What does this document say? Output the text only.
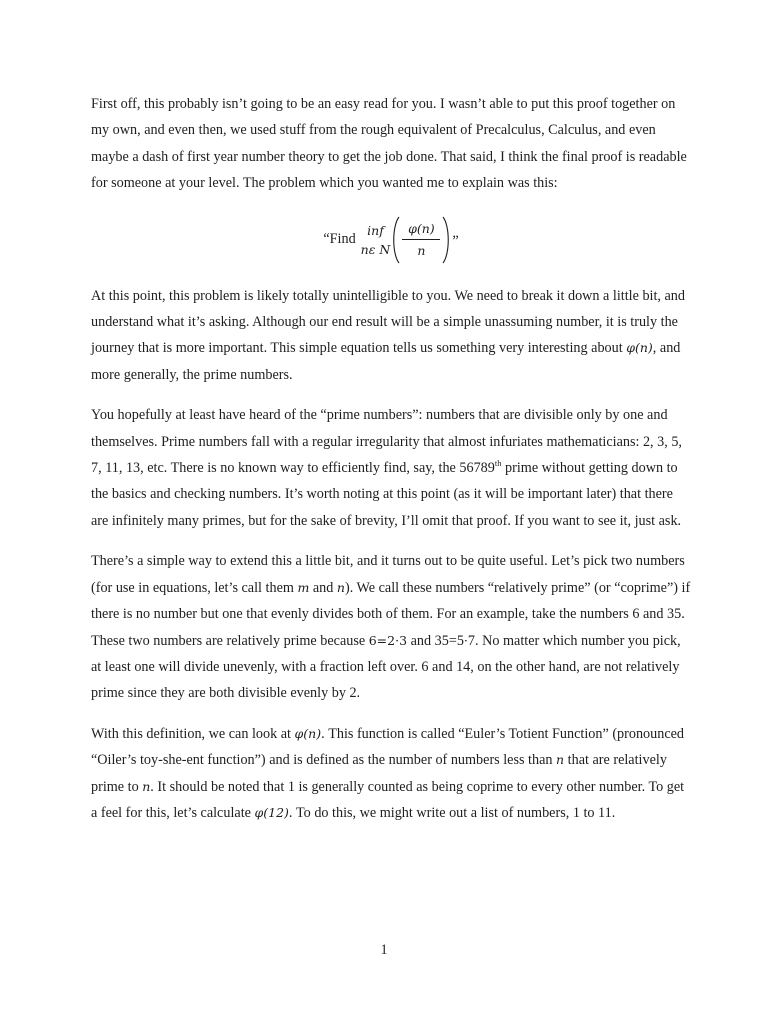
First off, this probably isn’t going to be an easy read for you. I wasn’t able to put this proof together on my own, and even then, we used stuff from the rough equivalent of Precalculus, Calculus, and even maybe a dash of first year number theory to get the job done. That said, I think the final proof is readable for someone at your level. The problem which you wanted me to explain was this:

“Find
inf
nε N $\frac{\varphi(n)}{n}$ ”

At this point, this problem is likely totally unintelligible to you. We need to break it down a little bit, and understand what it’s asking. Although our end result will be a simple unassuming number, it is truly the journey that is more important. This simple equation tells us something very interesting about φ(n), and more generally, the prime numbers.

You hopefully at least have heard of the “prime numbers”: numbers that are divisible only by one and themselves. Prime numbers fall with a regular irregularity that almost infuriates mathematicians: 2, 3, 5, 7, 11, 13, etc. There is no known way to efficiently find, say, the 56789th prime without getting down to the basics and checking numbers. It’s worth noting at this point (as it will be important later) that there are infinitely many primes, but for the sake of brevity, I’ll omit that proof. If you want to see it, just ask.

There’s a simple way to extend this a little bit, and it turns out to be quite useful. Let’s pick two numbers (for use in equations, let’s call them m and n). We call these numbers “relatively prime” (or “coprime”) if there is no number but one that evenly divides both of them. For an example, take the numbers 6 and 35. These two numbers are relatively prime because 6=2·3 and 35=5·7. No matter which number you pick, at least one will divide unevenly, with a fraction left over. 6 and 14, on the other hand, are not relatively prime since they are both divisible evenly by 2.

With this definition, we can look at φ(n). This function is called “Euler’s Totient Function” (pronounced “Oiler’s toy-she-ent function”) and is defined as the number of numbers less than n that are relatively prime to n. It should be noted that 1 is generally counted as being coprime to every other number. To get a feel for this, let’s calculate φ(12). To do this, we might write out a list of numbers, 1 to 11.

1
